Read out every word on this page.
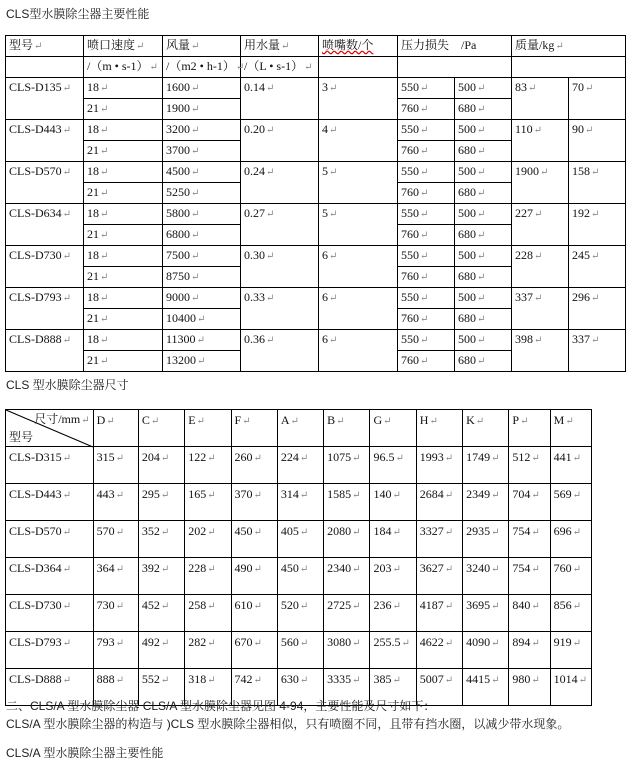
CLS型水膜除尘器主要性能
型号↵	喷口速度↵	风量↵	用水量↵	喷嘴数/个	压力损失 /Pa		质量/kg↵	
	/（m • s-1）↵	/（m2 • h-1）↵	/（L • s-1）↵					
CLS-D135↵	18↵	1600↵	0.14↵	3↵	550↵	500↵	83↵	70↵
	21↵	1900↵			760↵	680↵		
CLS-D443↵	18↵	3200↵	0.20↵	4↵	550↵	500↵	110↵	90↵
	21↵	3700↵			760↵	680↵		
CLS-D570↵	18↵	4500↵	0.24↵	5↵	550↵	500↵	1900↵	158↵
	21↵	5250↵			760↵	680↵		
CLS-D634↵	18↵	5800↵	0.27↵	5↵	550↵	500↵	227↵	192↵
	21↵	6800↵			760↵	680↵		
CLS-D730↵	18↵	7500↵	0.30↵	6↵	550↵	500↵	228↵	245↵
	21↵	8750↵			760↵	680↵		
CLS-D793↵	18↵	9000↵	0.33↵	6↵	550↵	500↵	337↵	296↵
	21↵	10400↵			760↵	680↵		
CLS-D888↵	18↵	11300↵	0.36↵	6↵	550↵	500↵	398↵	337↵
	21↵	13200↵			760↵	680↵		
CLS 型水膜除尘器尺寸
尺寸/mm↵
型号	D↵	C↵	E↵	F↵	A↵	B↵	G↵	H↵	K↵	P↵	M↵
CLS-D315↵	315↵	204↵	122↵	260↵	224↵	1075↵	96.5↵	1993↵	1749↵	512↵	441↵
CLS-D443↵	443↵	295↵	165↵	370↵	314↵	1585↵	140↵	2684↵	2349↵	704↵	569↵
CLS-D570↵	570↵	352↵	202↵	450↵	405↵	2080↵	184↵	3327↵	2935↵	754↵	696↵
CLS-D364↵	364↵	392↵	228↵	490↵	450↵	2340↵	203↵	3627↵	3240↵	754↵	760↵
CLS-D730↵	730↵	452↵	258↵	610↵	520↵	2725↵	236↵	4187↵	3695↵	840↵	856↵
CLS-D793↵	793↵	492↵	282↵	670↵	560↵	3080↵	255.5↵	4622↵	4090↵	894↵	919↵
CLS-D888↵	888↵	552↵	318↵	742↵	630↵	3335↵	385↵	5007↵	4415↵	980↵	1014↵
二、CLS/A 型水膜除尘器 CLS/A 型水膜除尘器见图 4-94，主要性能及尺寸如下：
CLS/A 型水膜除尘器的构造与 )CLS 型水膜除尘器相似，只有喷圈不同，且带有挡水圈，以减少带水现象。
CLS/A 型水膜除尘器主要性能
